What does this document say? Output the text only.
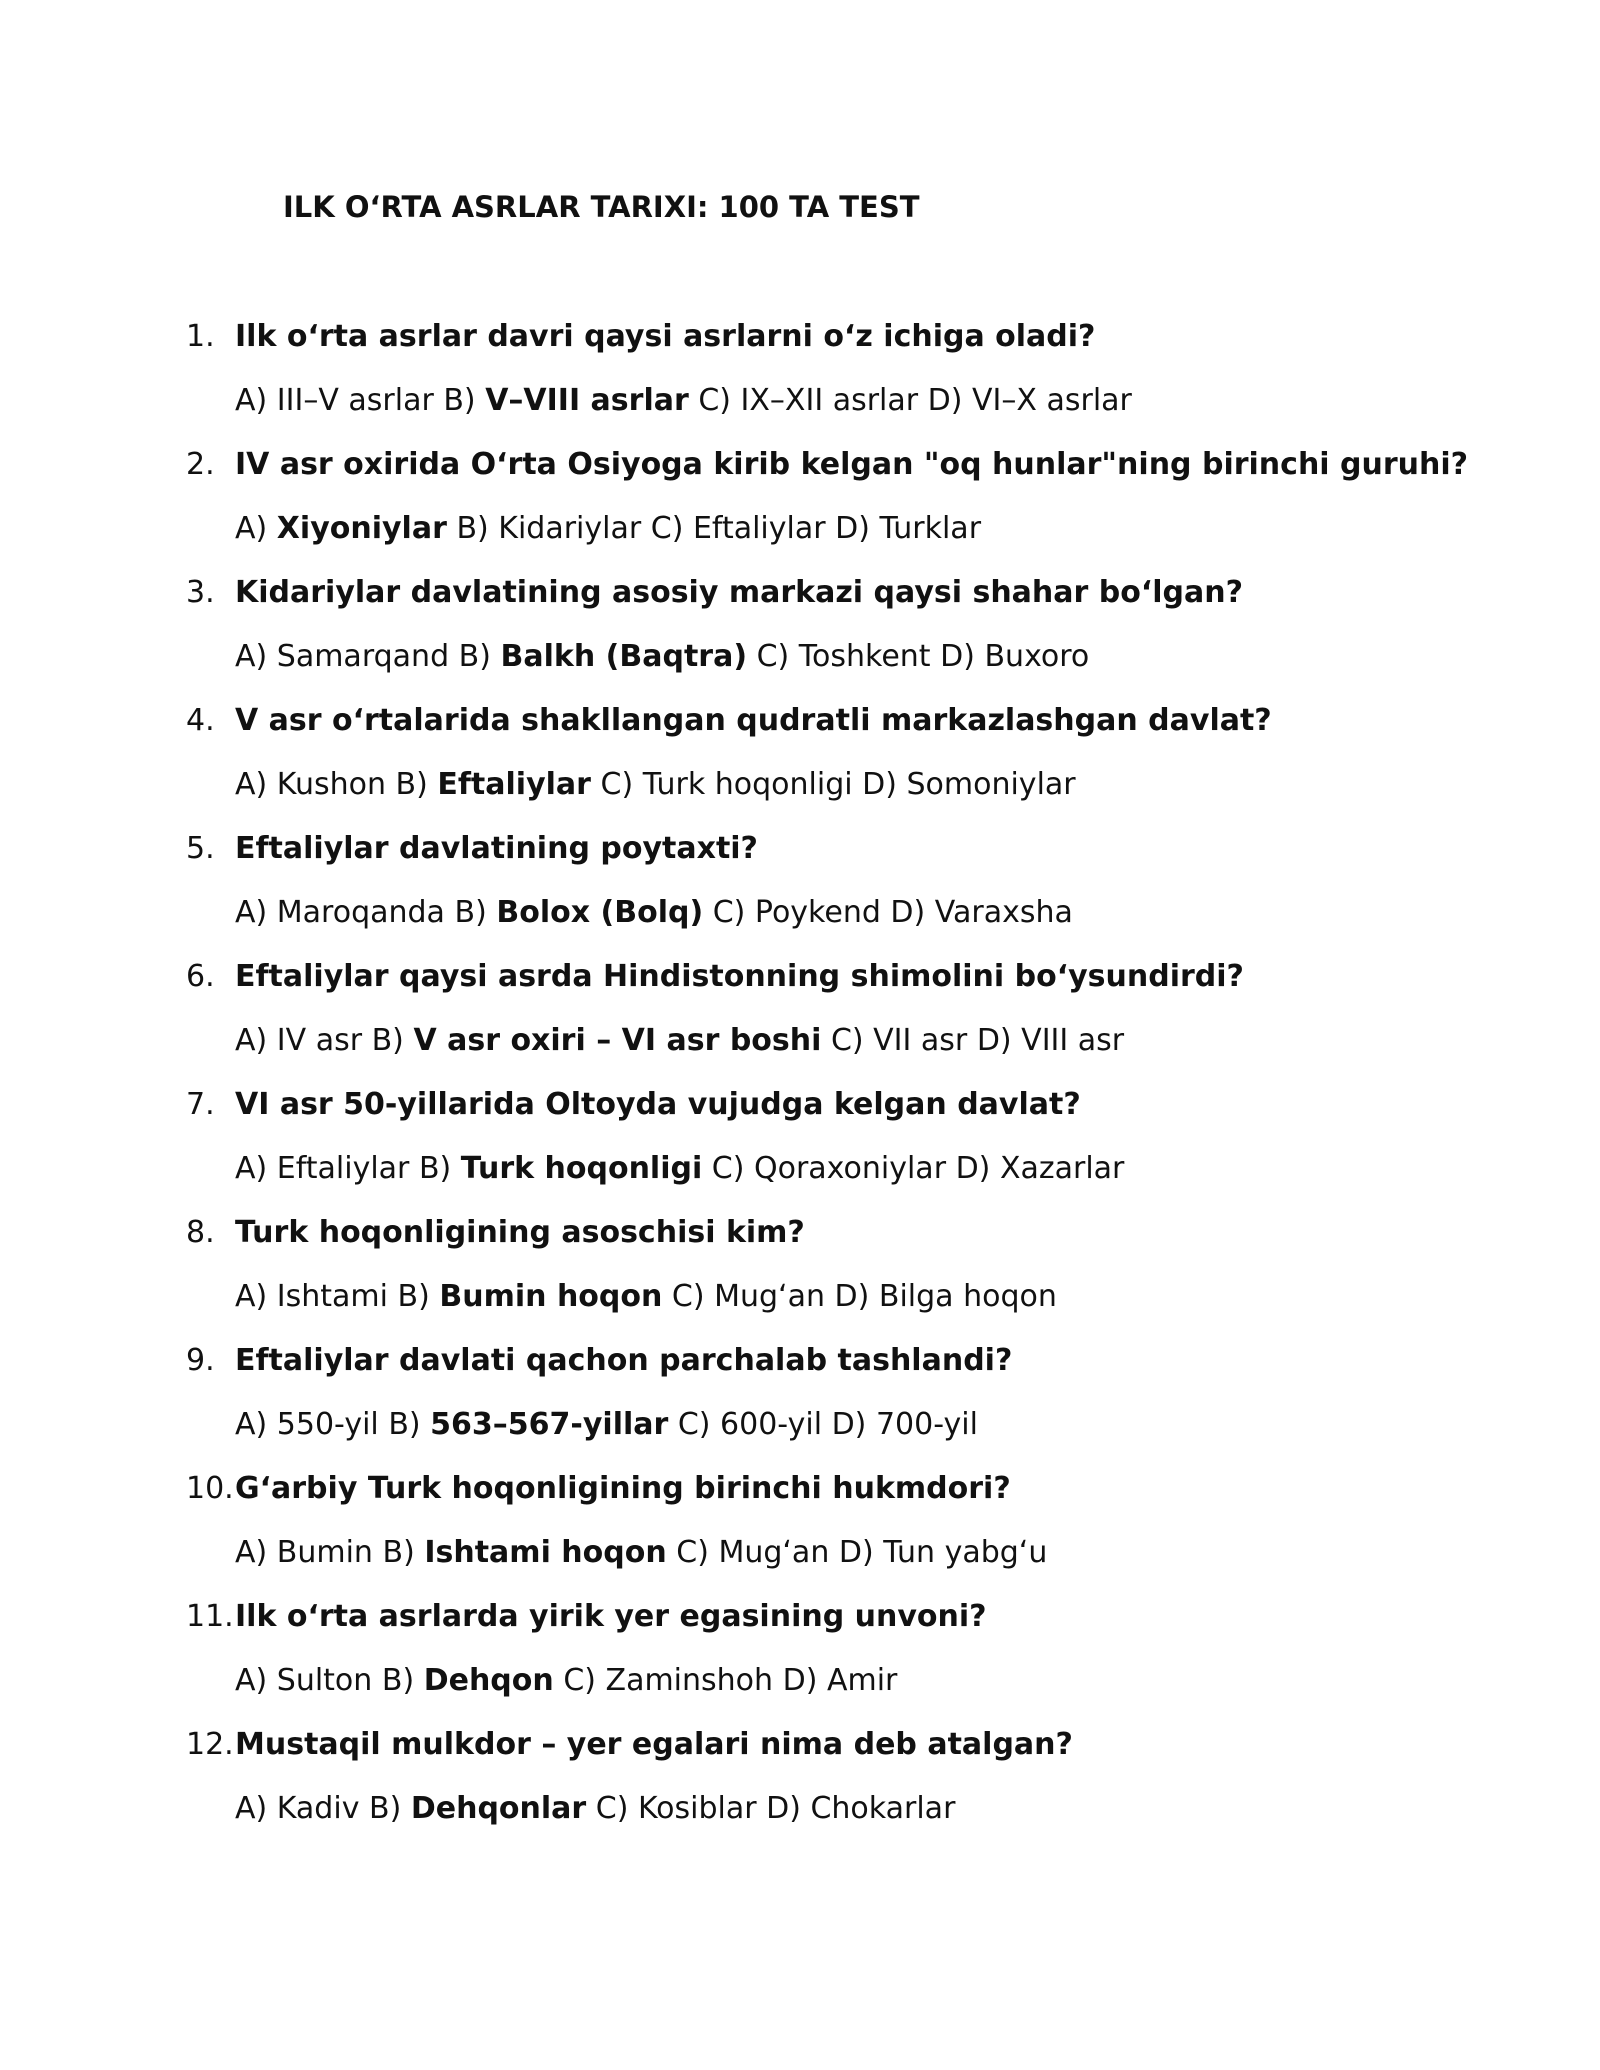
ILK O‘RTA ASRLAR TARIXI: 100 TA TEST
1. Ilk o‘rta asrlar davri qaysi asrlarni o‘z ichiga oladi?
A) III–V asrlar B) V–VIII asrlar C) IX–XII asrlar D) VI–X asrlar
2. IV asr oxirida O‘rta Osiyoga kirib kelgan "oq hunlar"ning birinchi guruhi?
A) Xiyoniylar B) Kidariylar C) Eftaliylar D) Turklar
3. Kidariylar davlatining asosiy markazi qaysi shahar bo‘lgan?
A) Samarqand B) Balkh (Baqtra) C) Toshkent D) Buxoro
4. V asr o‘rtalarida shakllangan qudratli markazlashgan davlat?
A) Kushon B) Eftaliylar C) Turk hoqonligi D) Somoniylar
5. Eftaliylar davlatining poytaxti?
A) Maroqanda B) Bolox (Bolq) C) Poykend D) Varaxsha
6. Eftaliylar qaysi asrda Hindistonning shimolini bo‘ysundirdi?
A) IV asr B) V asr oxiri – VI asr boshi C) VII asr D) VIII asr
7. VI asr 50-yillarida Oltoyda vujudga kelgan davlat?
A) Eftaliylar B) Turk hoqonligi C) Qoraxoniylar D) Xazarlar
8. Turk hoqonligining asoschisi kim?
A) Ishtami B) Bumin hoqon C) Mug‘an D) Bilga hoqon
9. Eftaliylar davlati qachon parchalab tashlandi?
A) 550-yil B) 563–567-yillar C) 600-yil D) 700-yil
10. G‘arbiy Turk hoqonligining birinchi hukmdori?
A) Bumin B) Ishtami hoqon C) Mug‘an D) Tun yabg‘u
11. Ilk o‘rta asrlarda yirik yer egasining unvoni?
A) Sulton B) Dehqon C) Zaminshoh D) Amir
12. Mustaqil mulkdor – yer egalari nima deb atalgan?
A) Kadiv B) Dehqonlar C) Kosiblar D) Chokarlar
